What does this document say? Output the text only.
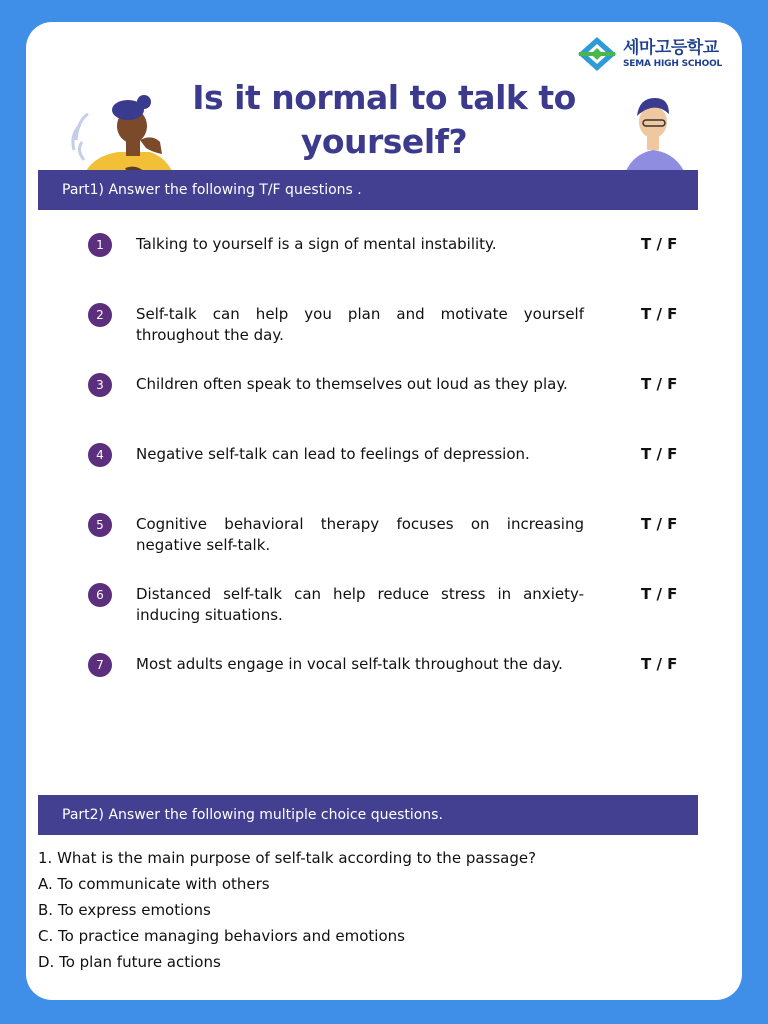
세마고등학교
SEMA HIGH SCHOOL
Is it normal to talk to yourself?
Part1) Answer the following T/F questions .
1	Talking to yourself is a sign of mental instability.	T / F
2	Self-talk can help you plan and motivate yourself throughout the day.
T / F
3	Children often speak to themselves out loud as they play.	T / F
4	Negative self-talk can lead to feelings of depression.	T / F
5	Cognitive behavioral therapy focuses on increasing negative self-talk.
T / F
6	Distanced self-talk can help reduce stress in anxiety-inducing situations.
T / F
7	Most adults engage in vocal self-talk throughout the day.	T / F
Part2) Answer the following multiple choice questions.
1. What is the main purpose of self-talk according to the passage?
A. To communicate with others
B. To express emotions
C. To practice managing behaviors and emotions
D. To plan future actions
